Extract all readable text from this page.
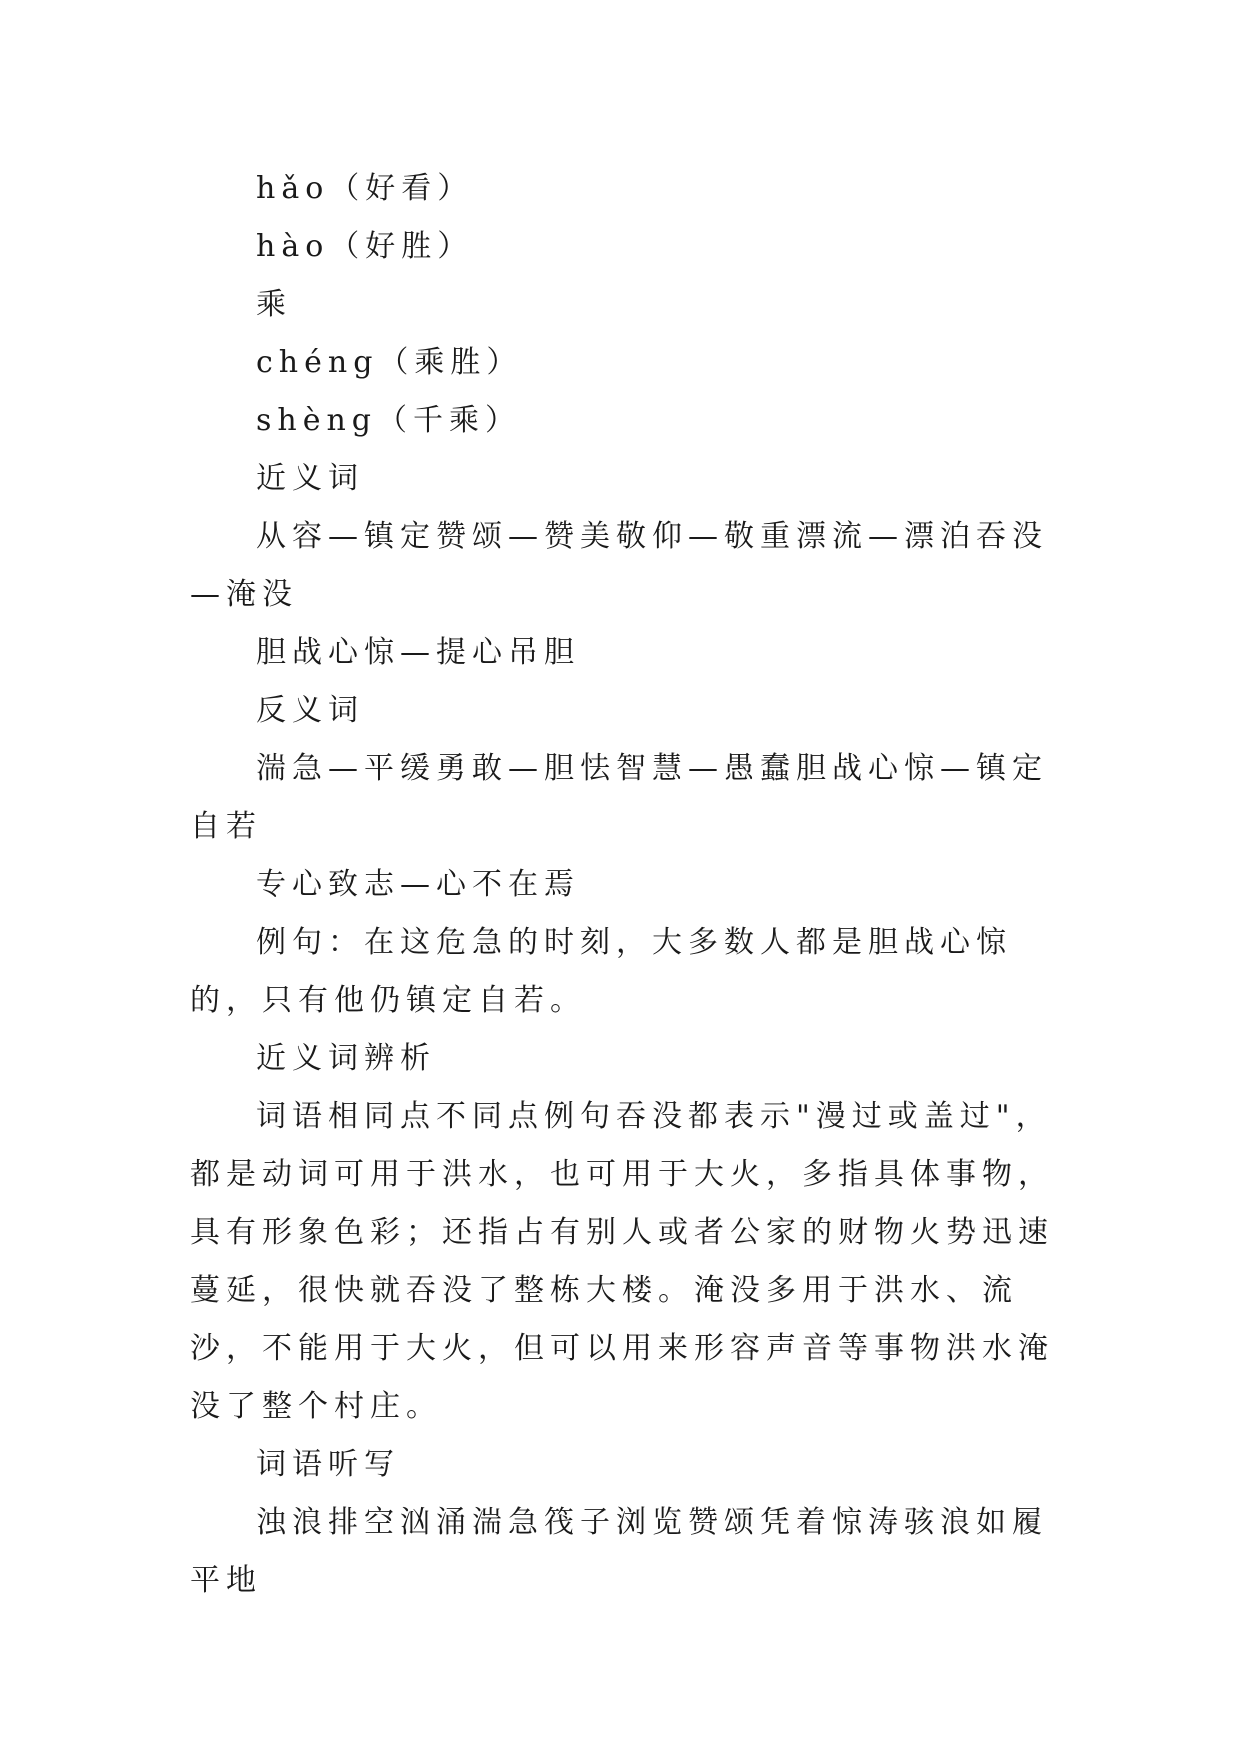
hǎo（好看）
hào（好胜）
乘
chéng（乘胜）
shèng（千乘）
近义词

从容—镇定赞颂—赞美敬仰—敬重漂流—漂泊吞没—淹没

胆战心惊—提心吊胆
反义词

湍急—平缓勇敢—胆怯智慧—愚蠢胆战心惊—镇定自若

专心致志—心不在焉

例句：在这危急的时刻，大多数人都是胆战心惊的，只有他仍镇定自若。

近义词辨析

词语相同点不同点例句吞没都表示"漫过或盖过"，都是动词可用于洪水，也可用于大火，多指具体事物，具有形象色彩；还指占有别人或者公家的财物火势迅速蔓延，很快就吞没了整栋大楼。淹没多用于洪水、流沙，不能用于大火，但可以用来形容声音等事物洪水淹没了整个村庄。

词语听写

浊浪排空汹涌湍急筏子浏览赞颂凭着惊涛骇浪如履平地
